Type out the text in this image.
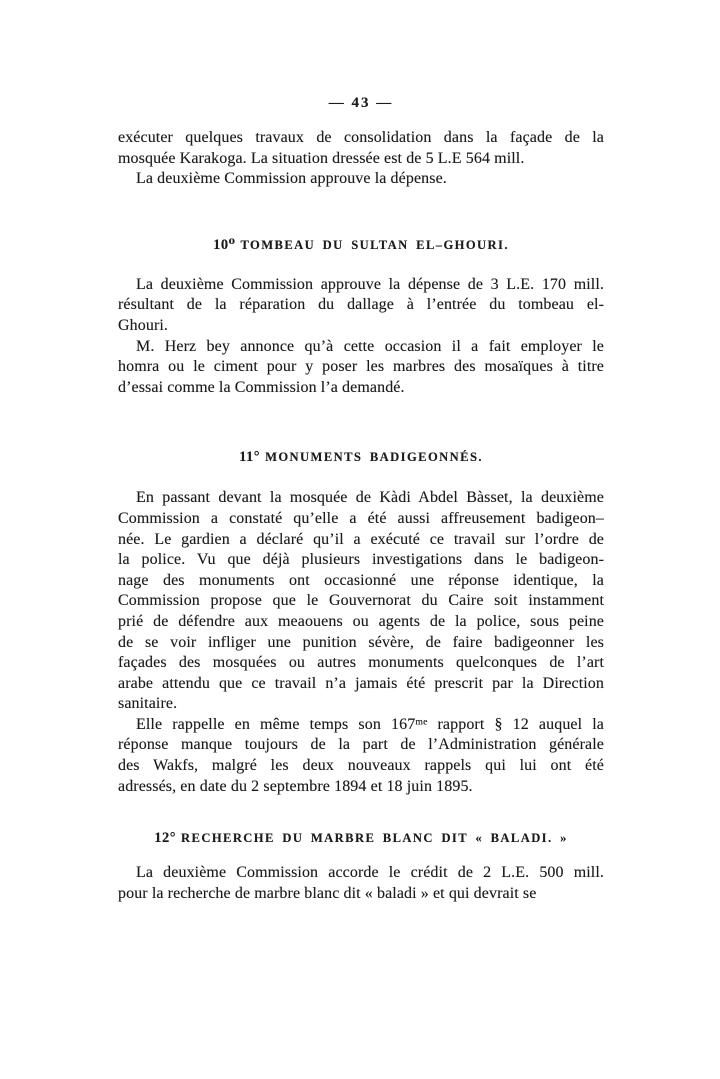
— 43 —
exécuter quelques travaux de consolidation dans la façade de la
mosquée Karakoga. La situation dressée est de 5 L.E 564 mill.
La deuxième Commission approuve la dépense.
10⁰ TOMBEAU DU SULTAN EL–GHOURI.
La deuxième Commission approuve la dépense de 3 L.E. 170 mill.
résultant de la réparation du dallage à l’entrée du tombeau el-
Ghouri.
M. Herz bey annonce qu’à cette occasion il a fait employer le
homra ou le ciment pour y poser les marbres des mosaïques à titre
d’essai comme la Commission l’a demandé.
11° MONUMENTS BADIGEONNÉS.
En passant devant la mosquée de Kàdi Abdel Bàsset, la deuxième
Commission a constaté qu’elle a été aussi affreusement badigeon–
née. Le gardien a déclaré qu’il a exécuté ce travail sur l’ordre de
la police. Vu que déjà plusieurs investigations dans le badigeon-
nage des monuments ont occasionné une réponse identique, la
Commission propose que le Gouvernorat du Caire soit instamment
prié de défendre aux meaouens ou agents de la police, sous peine
de se voir infliger une punition sévère, de faire badigeonner les
façades des mosquées ou autres monuments quelconques de l’art
arabe attendu que ce travail n’a jamais été prescrit par la Direction
sanitaire.
Elle rappelle en même temps son 167ᵐᵉ rapport § 12 auquel la
réponse manque toujours de la part de l’Administration générale
des Wakfs, malgré les deux nouveaux rappels qui lui ont été
adressés, en date du 2 septembre 1894 et 18 juin 1895.
12° RECHERCHE DU MARBRE BLANC DIT « BALADI. »
La deuxième Commission accorde le crédit de 2 L.E. 500 mill.
pour la recherche de marbre blanc dit « baladi » et qui devrait se
